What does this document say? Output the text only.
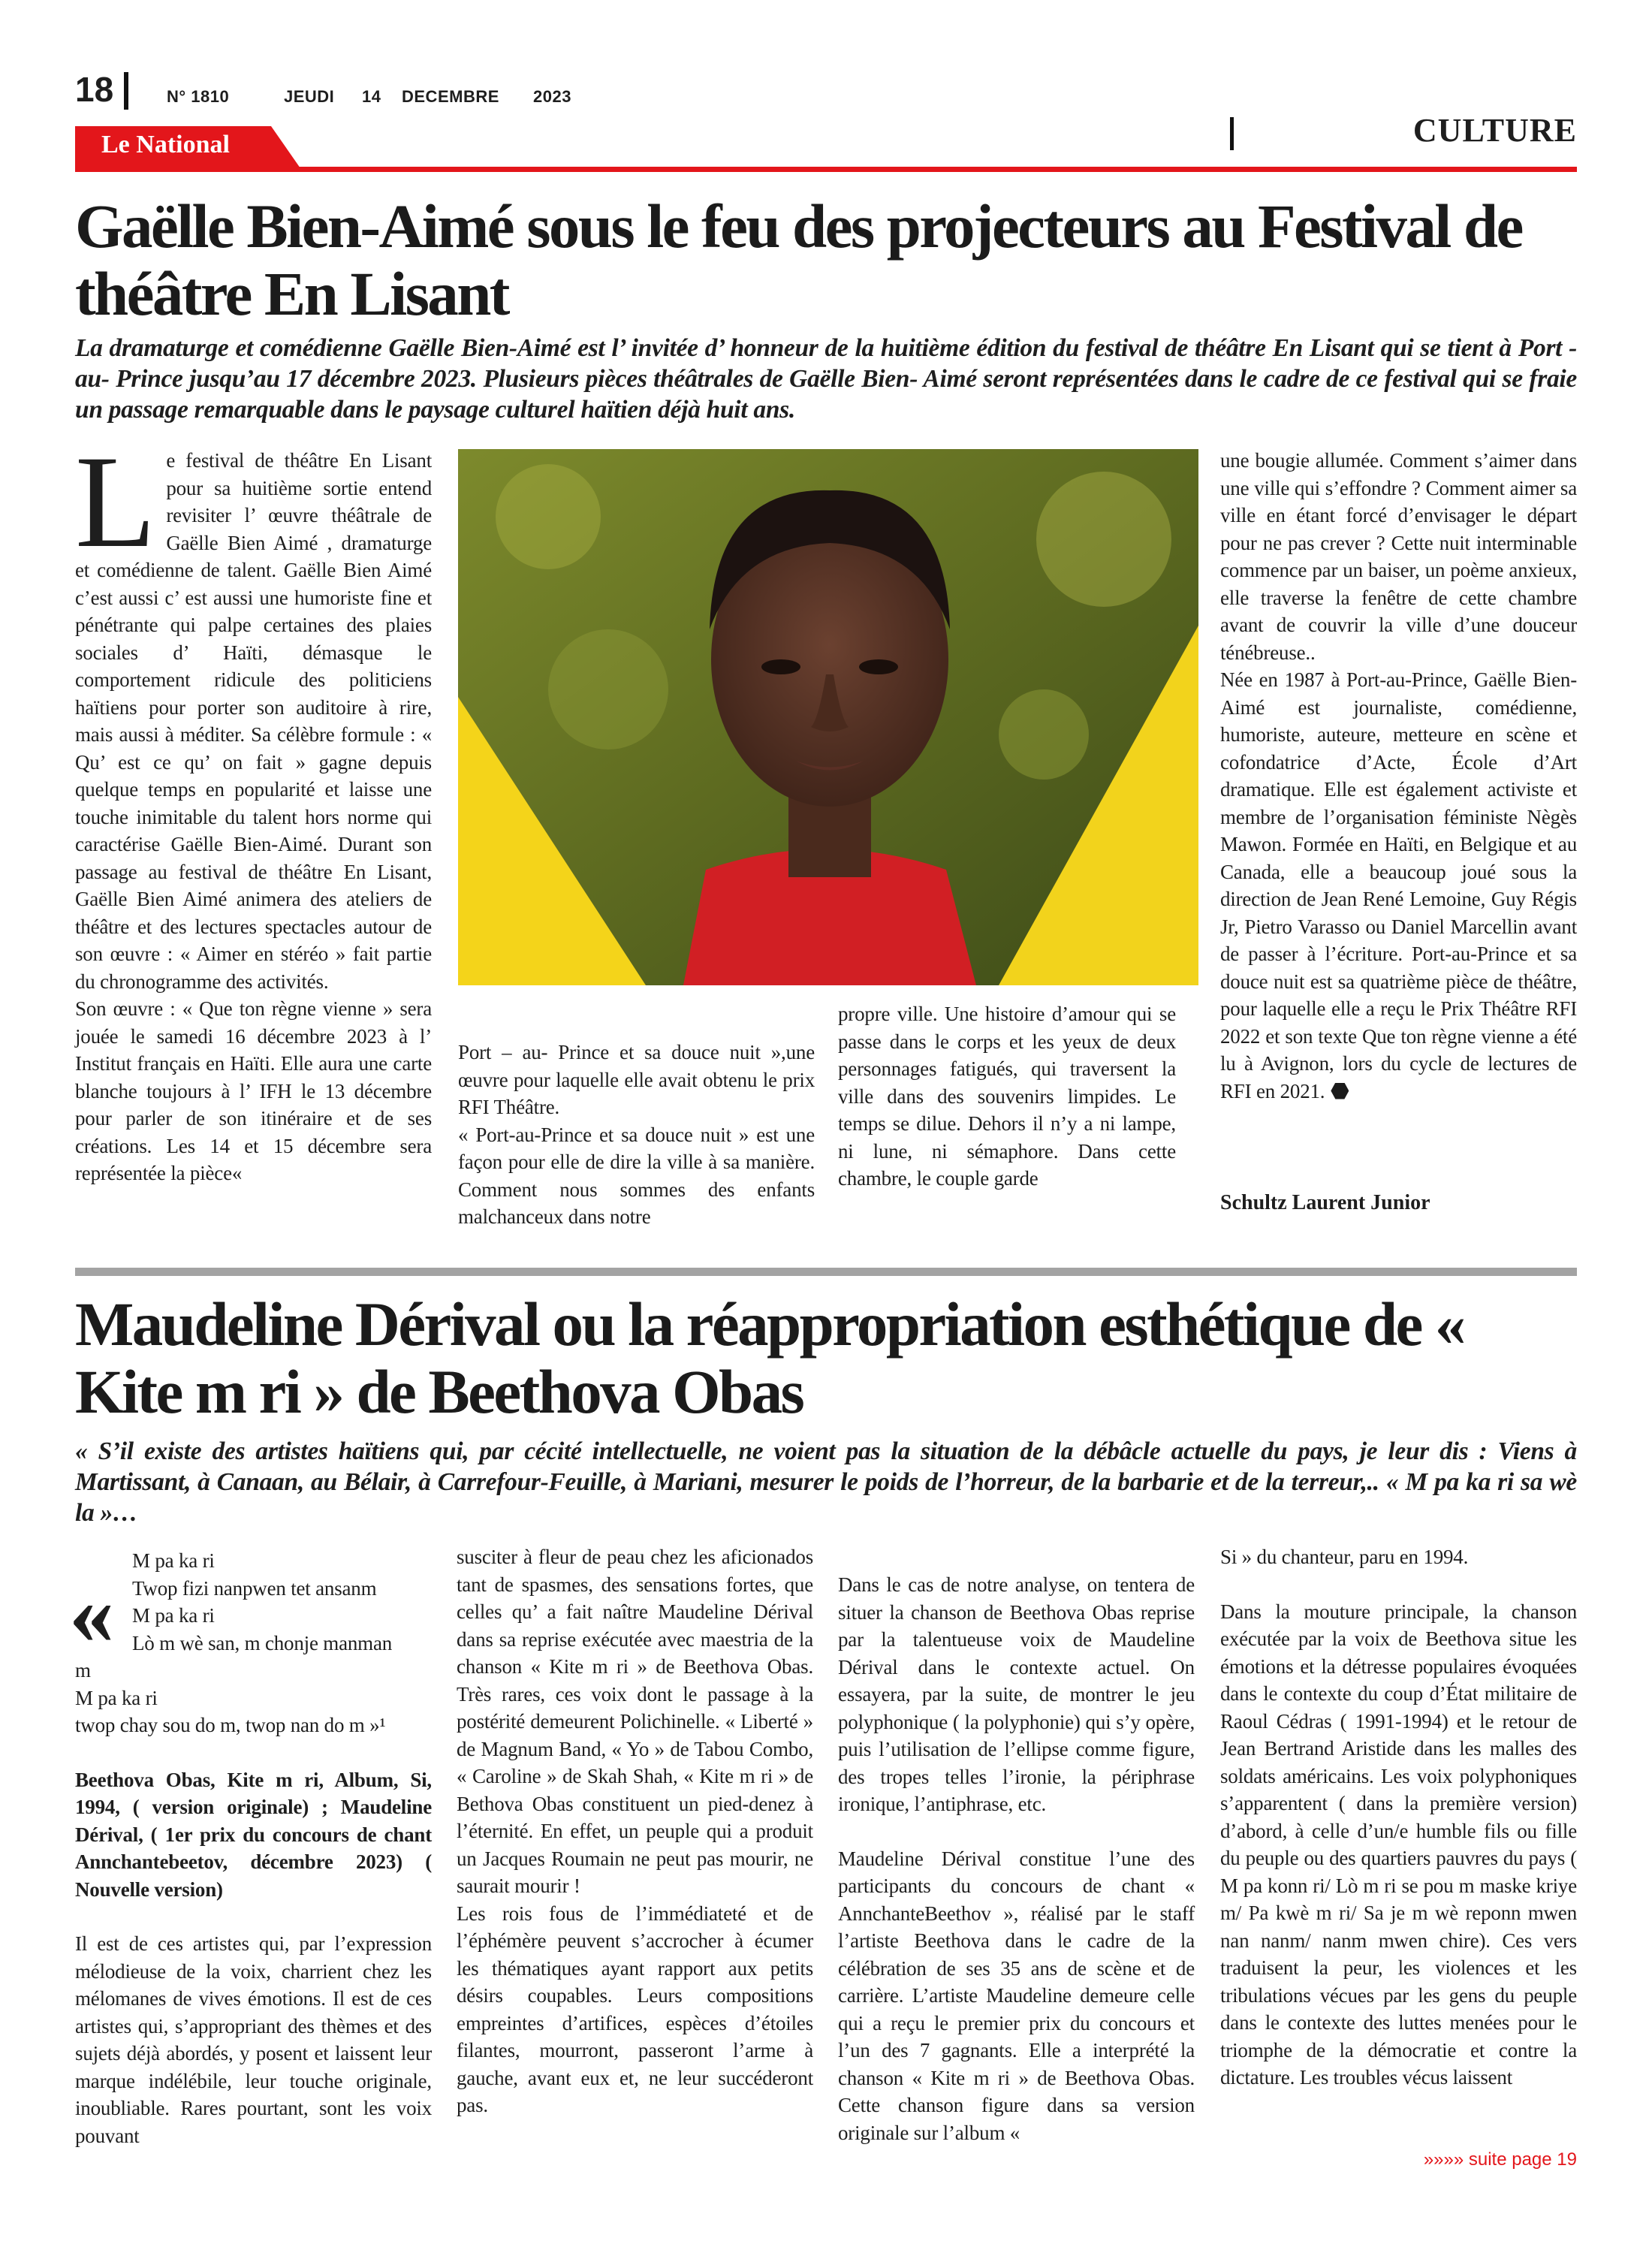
18	N° 1810	JEUDI 14 DECEMBRE 2023
CULTURE
Le National
Gaëlle Bien-Aimé sous le feu des projecteurs au Festival de théâtre En Lisant
La dramaturge et comédienne Gaëlle Bien-Aimé est l’ invitée d’ honneur de la huitième édition du festival de théâtre En Lisant qui se tient à Port - au- Prince jusqu’au 17 décembre 2023. Plusieurs pièces théâtrales de Gaëlle Bien- Aimé seront représentées dans le cadre de ce festival qui se fraie un passage remarquable dans le paysage culturel haïtien déjà huit ans.
L e festival de théâtre En Lisant pour sa huitième sortie entend revisiter l’ œuvre théâtrale de Gaëlle Bien Aimé , dramaturge et comédienne de talent. Gaëlle Bien Aimé c’est aussi c’ est aussi une humoriste fine et pénétrante qui palpe certaines des plaies sociales d’ Haïti, démasque le comportement ridicule des politiciens haïtiens pour porter son auditoire à rire, mais aussi à méditer. Sa célèbre formule : « Qu’ est ce qu’ on fait » gagne depuis quelque temps en popularité et laisse une touche inimitable du talent hors norme qui caractérise Gaëlle Bien-Aimé. Durant son passage au festival de théâtre En Lisant, Gaëlle Bien Aimé animera des ateliers de théâtre et des lectures spectacles autour de son œuvre : « Aimer en stéréo » fait partie du chronogramme des activités.

Son œuvre : « Que ton règne vienne » sera jouée le samedi 16 décembre 2023 à l’ Institut français en Haïti. Elle aura une carte blanche toujours à l’ IFH le 13 décembre pour parler de son itinéraire et de ses créations. Les 14 et 15 décembre sera représentée la pièce«

Port – au- Prince et sa douce nuit »,une œuvre pour laquelle elle avait obtenu le prix RFI Théâtre.

« Port-au-Prince et sa douce nuit » est une façon pour elle de dire la ville à sa manière. Comment nous sommes des enfants malchanceux dans notre

propre ville. Une histoire d’amour qui se passe dans le corps et les yeux de deux personnages fatigués, qui traversent la ville dans des souvenirs limpides. Le temps se dilue. Dehors il n’y a ni lampe, ni lune, ni sémaphore. Dans cette chambre, le couple garde

une bougie allumée. Comment s’aimer dans une ville qui s’effondre ? Comment aimer sa ville en étant forcé d’envisager le départ pour ne pas crever ? Cette nuit interminable commence par un baiser, un poème anxieux, elle traverse la fenêtre de cette chambre avant de couvrir la ville d’une douceur ténébreuse..

Née en 1987 à Port-au-Prince, Gaëlle Bien-Aimé est journaliste, comédienne, humoriste, auteure, metteure en scène et cofondatrice d’Acte, École d’Art dramatique. Elle est également activiste et membre de l’organisation féministe Nègès Mawon. Formée en Haïti, en Belgique et au Canada, elle a beaucoup joué sous la direction de Jean René Lemoine, Guy Régis Jr, Pietro Varasso ou Daniel Marcellin avant de passer à l’écriture. Port-au-Prince et sa douce nuit est sa quatrième pièce de théâtre, pour laquelle elle a reçu le Prix Théâtre RFI 2022 et son texte Que ton règne vienne a été lu à Avignon, lors du cycle de lectures de RFI en 2021.

Schultz Laurent Junior
Maudeline Dérival ou la réappropriation esthétique de « Kite m ri » de Beethova Obas
« S’il existe des artistes haïtiens qui, par cécité intellectuelle, ne voient pas la situation de la débâcle actuelle du pays, je leur dis : Viens à Martissant, à Canaan, au Bélair, à Carrefour-Feuille, à Mariani, mesurer le poids de l’horreur, de la barbarie et de la terreur,.. « M pa ka ri sa wè la »…
«

M pa ka ri

Twop fizi nanpwen tet ansanm

M pa ka ri

Lò m wè san, m chonje manman

m

M pa ka ri

twop chay sou do m, twop nan do m »¹

Beethova Obas, Kite m ri, Album, Si, 1994, ( version originale) ; Maudeline Dérival, ( 1er prix du concours de chant Annchantebeetov, décembre 2023) ( Nouvelle version)

Il est de ces artistes qui, par l’expression mélodieuse de la voix, charrient chez les mélomanes de vives émotions. Il est de ces artistes qui, s’appropriant des thèmes et des sujets déjà abordés, y posent et laissent leur marque indélébile, leur touche originale, inoubliable. Rares pourtant, sont les voix pouvant

susciter à fleur de peau chez les aficionados tant de spasmes, des sensations fortes, que celles qu’ a fait naître Maudeline Dérival dans sa reprise exécutée avec maestria de la chanson « Kite m ri » de Beethova Obas. Très rares, ces voix dont le passage à la postérité demeurent Polichinelle. « Liberté » de Magnum Band, « Yo » de Tabou Combo, « Caroline » de Skah Shah, « Kite m ri » de Bethova Obas constituent un pied-denez à l’éternité. En effet, un peuple qui a produit un Jacques Roumain ne peut pas mourir, ne saurait mourir !

Les rois fous de l’immédiateté et de l’éphémère peuvent s’accrocher à écumer les thématiques ayant rapport aux petits désirs coupables. Leurs compositions empreintes d’artifices, espèces d’étoiles filantes, mourront, passeront l’arme à gauche, avant eux et, ne leur succéderont pas.

Dans le cas de notre analyse, on tentera de situer la chanson de Beethova Obas reprise par la talentueuse voix de Maudeline Dérival dans le contexte actuel. On essayera, par la suite, de montrer le jeu polyphonique ( la polyphonie) qui s’y opère, puis l’utilisation de l’ellipse comme figure, des tropes telles l’ironie, la périphrase ironique, l’antiphrase, etc.

Maudeline Dérival constitue l’une des participants du concours de chant « AnnchanteBeethov », réalisé par le staff l’artiste Beethova dans le cadre de la célébration de ses 35 ans de scène et de carrière. L’artiste Maudeline demeure celle qui a reçu le premier prix du concours et l’un des 7 gagnants. Elle a interprété la chanson « Kite m ri » de Beethova Obas. Cette chanson figure dans sa version originale sur l’album «

Si » du chanteur, paru en 1994.

Dans la mouture principale, la chanson exécutée par la voix de Beethova situe les émotions et la détresse populaires évoquées dans le contexte du coup d’État militaire de Raoul Cédras ( 1991-1994) et le retour de Jean Bertrand Aristide dans les malles des soldats américains. Les voix polyphoniques s’apparentent ( dans la première version) d’abord, à celle d’un/e humble fils ou fille du peuple ou des quartiers pauvres du pays ( M pa konn ri/ Lò m ri se pou m maske kriye m/ Pa kwè m ri/ Sa je m wè reponn mwen nan nanm/ nanm mwen chire). Ces vers traduisent la peur, les violences et les tribulations vécues par les gens du peuple dans le contexte des luttes menées pour le triomphe de la démocratie et contre la dictature. Les troubles vécus laissent

»»»» suite page 19
